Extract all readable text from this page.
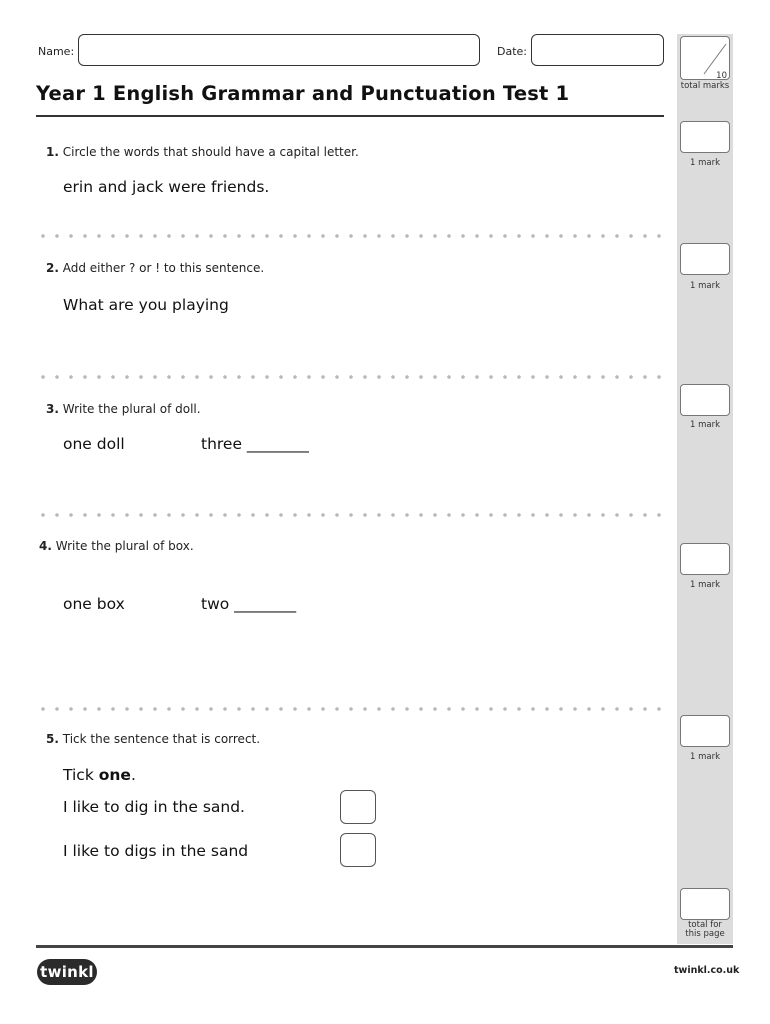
Name:	Date:
Year 1 English Grammar and Punctuation Test 1
10
total marks
1 mark
1 mark
1 mark
1 mark
1 mark
total for
this page
1. Circle the words that should have a capital letter.
erin and jack were friends.
2. Add either ? or ! to this sentence.
What are you playing
3. Write the plural of doll.
one doll	three ________
4. Write the plural of box.
one box	two ________
5. Tick the sentence that is correct.
Tick one.
I like to dig in the sand.
I like to digs in the sand
twinkl	twinkl.co.uk
